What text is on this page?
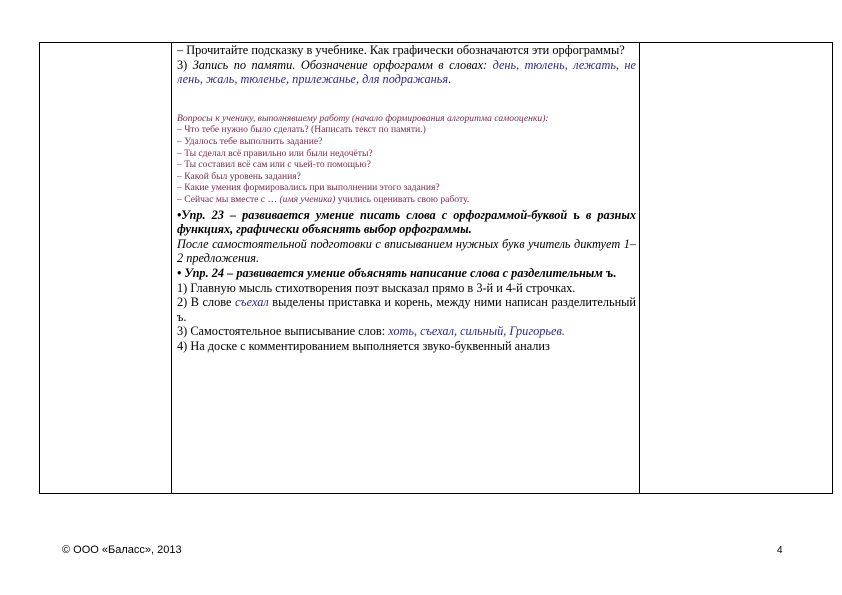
– Прочитайте подсказку в учебнике. Как графически обозначаются эти орфограммы?

3) Запись по памяти. Обозначение орфограмм в словах: день, тюлень, лежать, не лень, жаль, тюленье, прилежанье, для подражанья.

Вопросы к ученику, выполнявшему работу (начало формирования алгоритма самооценки):

– Что тебе нужно было сделать? (Написать текст по памяти.)

– Удалось тебе выполнить задание?

– Ты сделал всё правильно или были недочёты?

– Ты составил всё сам или с чьей-то помощью?

– Какой был уровень задания?

– Какие умения формировались при выполнении этого задания?

– Сейчас мы вместе с … (имя ученика) учились оценивать свою работу.

•Упр. 23 – развивается умение писать слова с орфограммой-буквой ь в разных функциях, графически объяснять выбор орфограммы.

После самостоятельной подготовки с вписыванием нужных букв учитель диктует 1–2 предложения.

• Упр. 24 – развивается умение объяснять написание слова с разделительным ъ.

1) Главную мысль стихотворения поэт высказал прямо в 3-й и 4-й строчках.

2) В слове съехал выделены приставка и корень, между ними написан разделительный ъ.

3) Самостоятельное выписывание слов: хоть, съехал, сильный, Григорьев.

4) На доске с комментированием выполняется звуко-буквенный анализ

© ООО «Баласс», 2013	4
